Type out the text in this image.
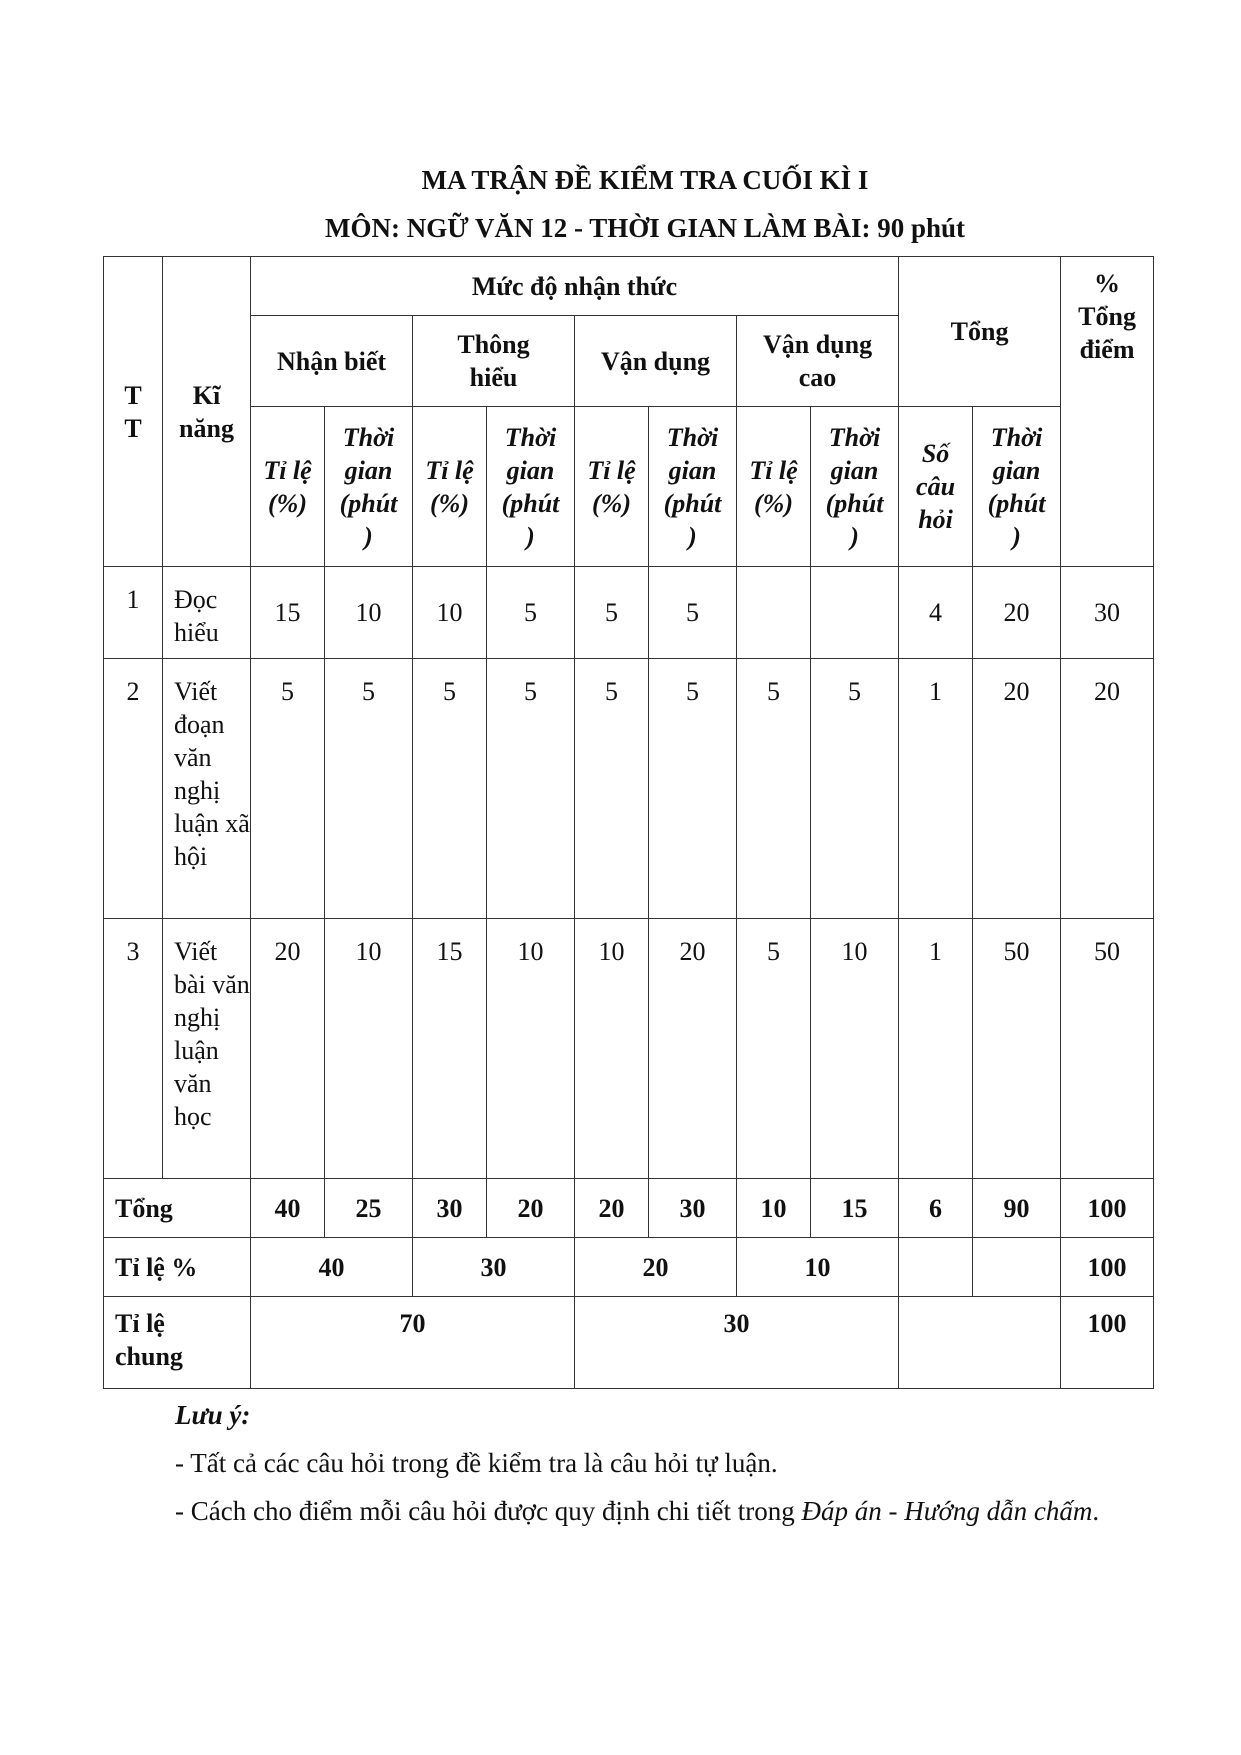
MA TRẬN ĐỀ KIỂM TRA CUỐI KÌ I
MÔN: NGỮ VĂN 12 - THỜI GIAN LÀM BÀI: 90 phút
T T	Kĩ năng	Mức độ nhận thức								Tổng		% Tổng điểm
		Nhận biết		Thông hiểu		Vận dụng		Vận dụng cao				
		Tỉ lệ (%)	Thời gian (phút )	Tỉ lệ (%)	Thời gian (phút )	Tỉ lệ (%)	Thời gian (phút )	Tỉ lệ (%)	Thời gian (phút )	Số câu hỏi	Thời gian (phút )	
1	Đọc hiểu	15	10	10	5	5	5			4	20	30
2	Viết đoạn văn nghị luận xã hội	5	5	5	5	5	5	5	5	1	20	20
3	Viết bài văn nghị luận văn học	20	10	15	10	10	20	5	10	1	50	50
Tổng		40	25	30	20	20	30	10	15	6	90	100
Tỉ lệ %		40		30		20		10				100
Tỉ lệ chung		70				30						100

Lưu ý:

- Tất cả các câu hỏi trong đề kiểm tra là câu hỏi tự luận.

- Cách cho điểm mỗi câu hỏi được quy định chi tiết trong Đáp án - Hướng dẫn chấm.
